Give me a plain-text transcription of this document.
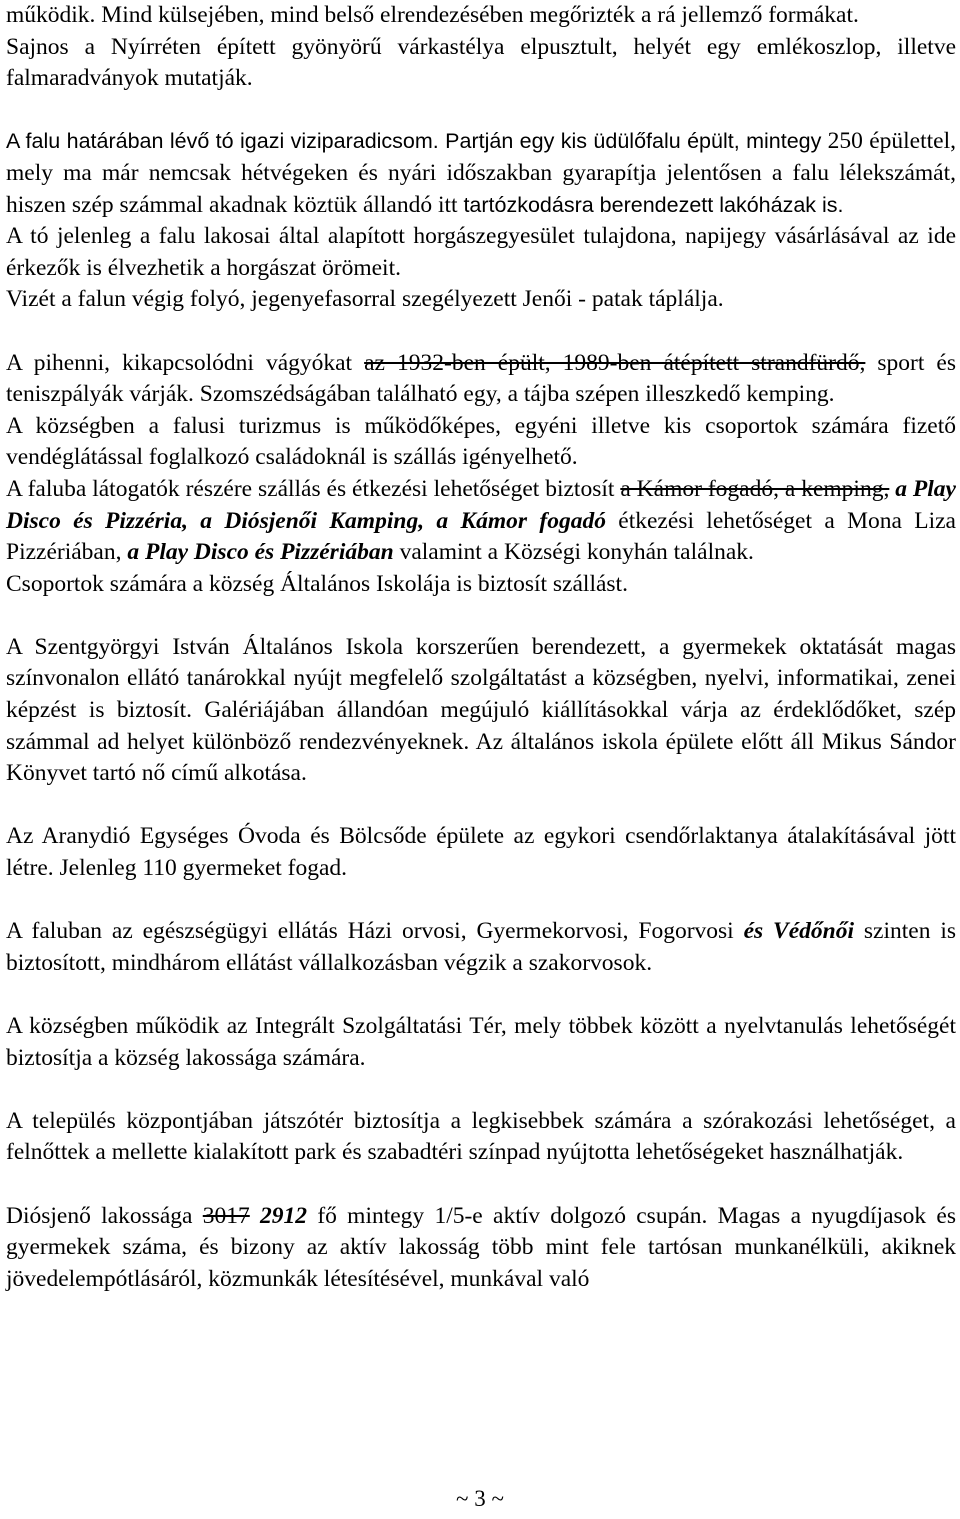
működik. Mind külsejében, mind belső elrendezésében megőrizték a rá jellemző formákat.
Sajnos a Nyírréten épített gyönyörű várkastélya elpusztult, helyét egy emlékoszlop, illetve falmaradványok mutatják.

A falu határában lévő tó igazi viziparadicsom. Partján egy kis üdülőfalu épült, mintegy 250 épülettel, mely ma már nemcsak hétvégeken és nyári időszakban gyarapítja jelentősen a falu lélekszámát, hiszen szép számmal akadnak köztük állandó itt tartózkodásra berendezett lakóházak is.

A tó jelenleg a falu lakosai által alapított horgászegyesület tulajdona, napijegy vásárlásával az ide érkezők is élvezhetik a horgászat örömeit.

Vizét a falun végig folyó, jegenyefasorral szegélyezett Jenői - patak táplálja.

A pihenni, kikapcsolódni vágyókat az 1932-ben épült, 1989-ben átépített strandfürdő, sport és teniszpályák várják. Szomszédságában található egy, a tájba szépen illeszkedő kemping.

A községben a falusi turizmus is működőképes, egyéni illetve kis csoportok számára fizető vendéglátással foglalkozó családoknál is szállás igényelhető.

A faluba látogatók részére szállás és étkezési lehetőséget biztosít a Kámor fogadó, a kemping, a Play Disco és Pizzéria, a Diósjenői Kamping, a Kámor fogadó étkezési lehetőséget a Mona Liza Pizzériában, a Play Disco és Pizzériában valamint a Községi konyhán találnak.

Csoportok számára a község Általános Iskolája is biztosít szállást.

A Szentgyörgyi István Általános Iskola korszerűen berendezett, a gyermekek oktatását magas színvonalon ellátó tanárokkal nyújt megfelelő szolgáltatást a községben, nyelvi, informatikai, zenei képzést is biztosít. Galériájában állandóan megújuló kiállításokkal várja az érdeklődőket, szép számmal ad helyet különböző rendezvényeknek. Az általános iskola épülete előtt áll Mikus Sándor Könyvet tartó nő című alkotása.

Az Aranydió Egységes Óvoda és Bölcsőde épülete az egykori csendőrlaktanya átalakításával jött létre. Jelenleg 110 gyermeket fogad.

A faluban az egészségügyi ellátás Házi orvosi, Gyermekorvosi, Fogorvosi és Védőnői szinten is biztosított, mindhárom ellátást vállalkozásban végzik a szakorvosok.

A községben működik az Integrált Szolgáltatási Tér, mely többek között a nyelvtanulás lehetőségét biztosítja a község lakossága számára.

A település központjában játszótér biztosítja a legkisebbek számára a szórakozási lehetőséget, a felnőttek a mellette kialakított park és szabadtéri színpad nyújtotta lehetőségeket használhatják.

Diósjenő lakossága 3017 2912 fő mintegy 1/5-e aktív dolgozó csupán. Magas a nyugdíjasok és gyermekek száma, és bizony az aktív lakosság több mint fele tartósan munkanélküli, akiknek jövedelempótlásáról, közmunkák létesítésével, munkával való

~ 3 ~
